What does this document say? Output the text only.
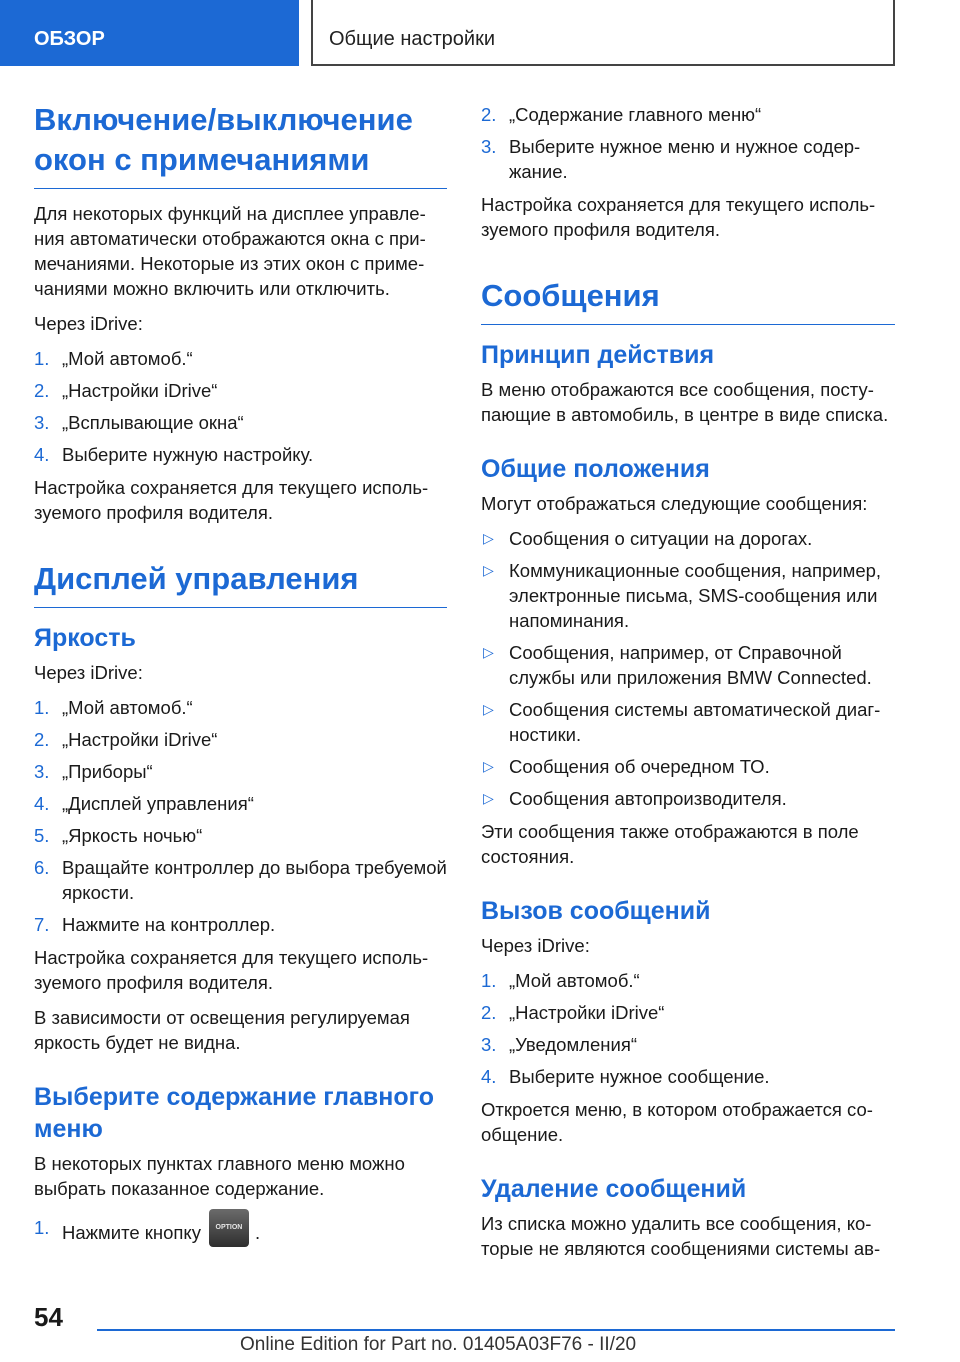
ОБЗОР	Общие настройки
Включение/выключение окон с примечаниями

Для некоторых функций на дисплее управления автоматически отображаются окна с примечаниями. Некоторые из этих окон с примечаниями можно включить или отключить.

Через iDrive:

1. „Мой автомоб.“
2. „Настройки iDrive“
3. „Всплывающие окна“
4. Выберите нужную настройку.

Настройка сохраняется для текущего используемого профиля водителя.

Дисплей управления
Яркость

Через iDrive:

1. „Мой автомоб.“
2. „Настройки iDrive“
3. „Приборы“
4. „Дисплей управления“
5. „Яркость ночью“
6. Вращайте контроллер до выбора требуемой яркости.
7. Нажмите на контроллер.

Настройка сохраняется для текущего используемого профиля водителя.

В зависимости от освещения регулируемая яркость будет не видна.

Выберите содержание главного меню

В некоторых пунктах главного меню можно выбрать показанное содержание.

1. Нажмите кнопку OPTION .
2. „Содержание главного меню“
3. Выберите нужное меню и нужное содержание.

Настройка сохраняется для текущего используемого профиля водителя.

Сообщения
Принцип действия

В меню отображаются все сообщения, поступающие в автомобиль, в центре в виде списка.

Общие положения

Могут отображаться следующие сообщения:

▷ Сообщения о ситуации на дорогах.
▷ Коммуникационные сообщения, например, электронные письма, SMS-сообщения или напоминания.
▷ Сообщения, например, от Справочной службы или приложения BMW Connected.
▷ Сообщения системы автоматической диагностики.
▷ Сообщения об очередном ТО.
▷ Сообщения автопроизводителя.

Эти сообщения также отображаются в поле состояния.

Вызов сообщений

Через iDrive:

1. „Мой автомоб.“
2. „Настройки iDrive“
3. „Уведомления“
4. Выберите нужное сообщение.

Откроется меню, в котором отображается сообщение.

Удаление сообщений

Из списка можно удалить все сообщения, которые не являются сообщениями системы ав-

54
Online Edition for Part no. 01405A03F76 - II/20
